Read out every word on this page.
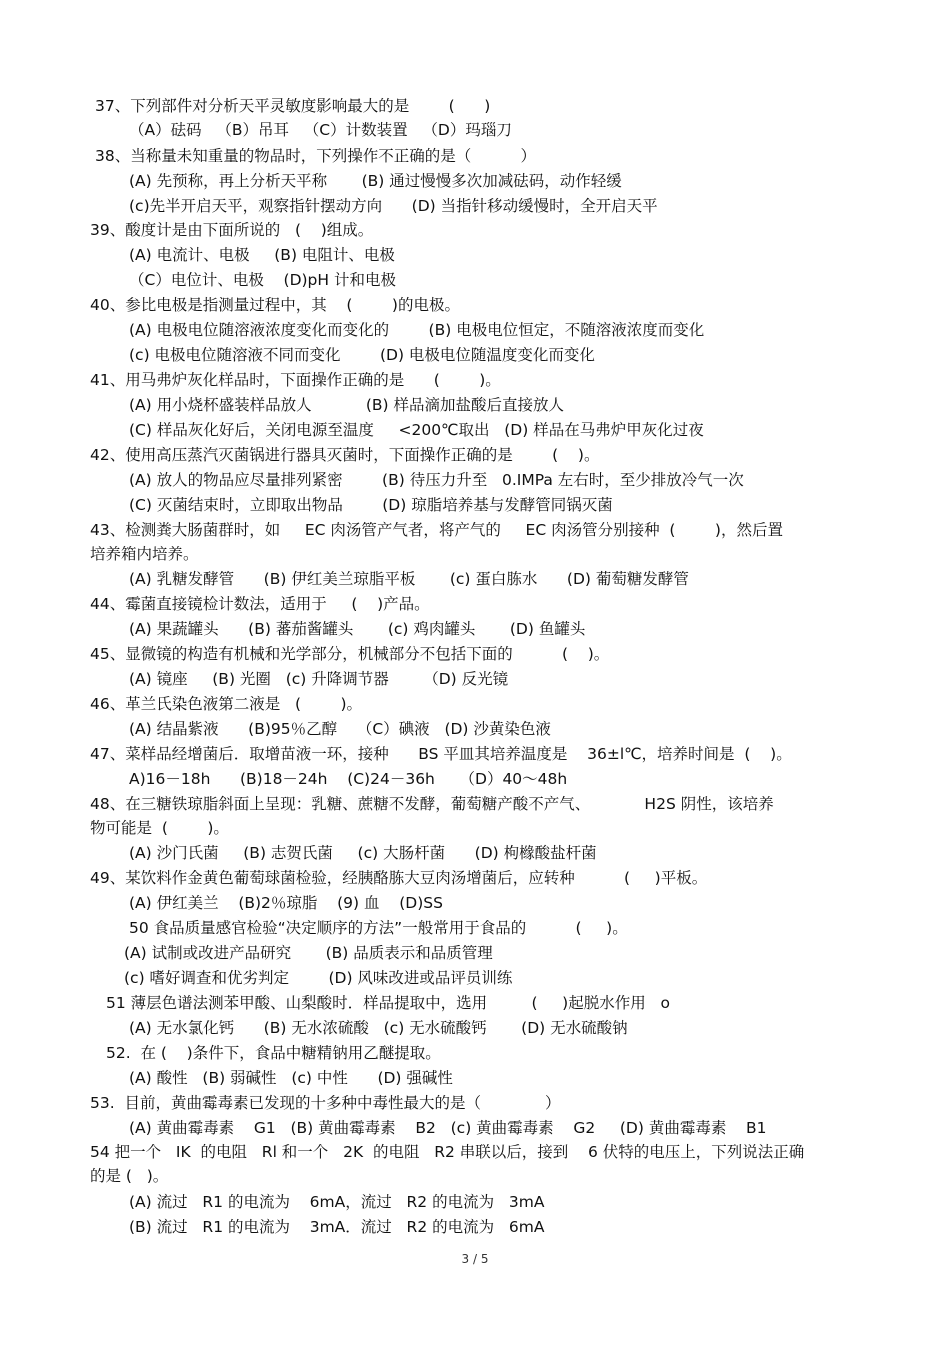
37、下列部件对分析天平灵敏度影响最大的是        (      )
（A）砝码   （B）吊耳   （C）计数装置   （D）玛瑙刀
38、当称量未知重量的物品时，下列操作不正确的是（          ）
(A) 先预称，再上分析天平称       (B) 通过慢慢多次加减砝码，动作轻缓
(c)先半开启天平，观察指针摆动方向      (D) 当指针移动缓慢时，全开启天平
39、酸度计是由下面所说的   (    )组成。
(A) 电流计、电极     (B) 电阻计、电极
（C）电位计、电极    (D)pH 计和电极
40、参比电极是指测量过程中，其    (        )的电极。
(A) 电极电位随溶液浓度变化而变化的        (B) 电极电位恒定，不随溶液浓度而变化
(c) 电极电位随溶液不同而变化        (D) 电极电位随温度变化而变化
41、用马弗炉灰化样品时，下面操作正确的是      (        )。
(A) 用小烧杯盛装样品放人           (B) 样品滴加盐酸后直接放人
(C) 样品灰化好后，关闭电源至温度     <200℃取出   (D) 样品在马弗炉甲灰化过夜
42、使用高压蒸汽灭菌锅进行器具灭菌时，下面操作正确的是        (    )。
(A) 放人的物品应尽量排列紧密        (B) 待压力升至   0.IMPa 左右时，至少排放冷气一次
(C) 灭菌结束时，立即取出物品        (D) 琼脂培养基与发酵管同锅灭菌
43、检测粪大肠菌群时，如     EC 肉汤管产气者，将产气的     EC 肉汤管分别接种  (        )，然后置
培养箱内培养。
(A) 乳糖发酵管      (B) 伊红美兰琼脂平板       (c) 蛋白胨水      (D) 葡萄糖发酵管
44、霉菌直接镜检计数法，适用于     (    )产品。
(A) 果蔬罐头      (B) 蕃茄酱罐头       (c) 鸡肉罐头       (D) 鱼罐头
45、显微镜的构造有机械和光学部分，机械部分不包括下面的          (    )。
(A) 镜座     (B) 光圈   (c) 升降调节器       （D) 反光镜
46、革兰氏染色液第二液是   (        )。
(A) 结晶紫液      (B)95％乙醇    （C）碘液   (D) 沙黄染色液
47、菜样品经增菌后．取增苗液一环，接种      BS 平皿其培养温度是    36±l℃，培养时间是  (    )。
A)16－18h      (B)18－24h    (C)24－36h     （D）40～48h
48、在三糖铁琼脂斜面上呈现：乳糖、蔗糖不发酵，葡萄糖产酸不产气、           H2S 阴性，该培养
物可能是  (        )。
(A) 沙门氏菌     (B) 志贺氏菌     (c) 大肠杆菌      (D) 枸橼酸盐杆菌
49、某饮料作金黄色葡萄球菌检验，经胰酪胨大豆肉汤增菌后，应转种          (     )平板。
(A) 伊红美兰    (B)2％琼脂    (9) 血    (D)SS
50 食品质量感官检验“决定顺序的方法”一般常用于食品的          (     )。
(A) 试制或改进产品研究       (B) 品质表示和品质管理
(c) 嗜好调查和优劣判定        (D) 风味改进或品评员训练
51 薄层色谱法测苯甲酸、山梨酸时．样品提取中，选用         (     )起脱水作用   o
(A) 无水氯化钙      (B) 无水浓硫酸   (c) 无水硫酸钙       (D) 无水硫酸钠
52.  在 (    )条件下，食品中糖精钠用乙醚提取。
(A) 酸性   (B) 弱碱性   (c) 中性      (D) 强碱性
53.  目前，黄曲霉毒素已发现的十多种中毒性最大的是（             ）
(A) 黄曲霉毒素    G1   (B) 黄曲霉毒素    B2   (c) 黄曲霉毒素    G2     (D) 黄曲霉毒素    B1
54 把一个   IK  的电阻   Rl 和一个   2K  的电阻   R2 串联以后，接到    6 伏特的电压上，下列说法正确
的是 (   )。
(A) 流过   R1 的电流为    6mA，流过   R2 的电流为   3mA
(B) 流过   R1 的电流为    3mA．流过   R2 的电流为   6mA
3 / 5
